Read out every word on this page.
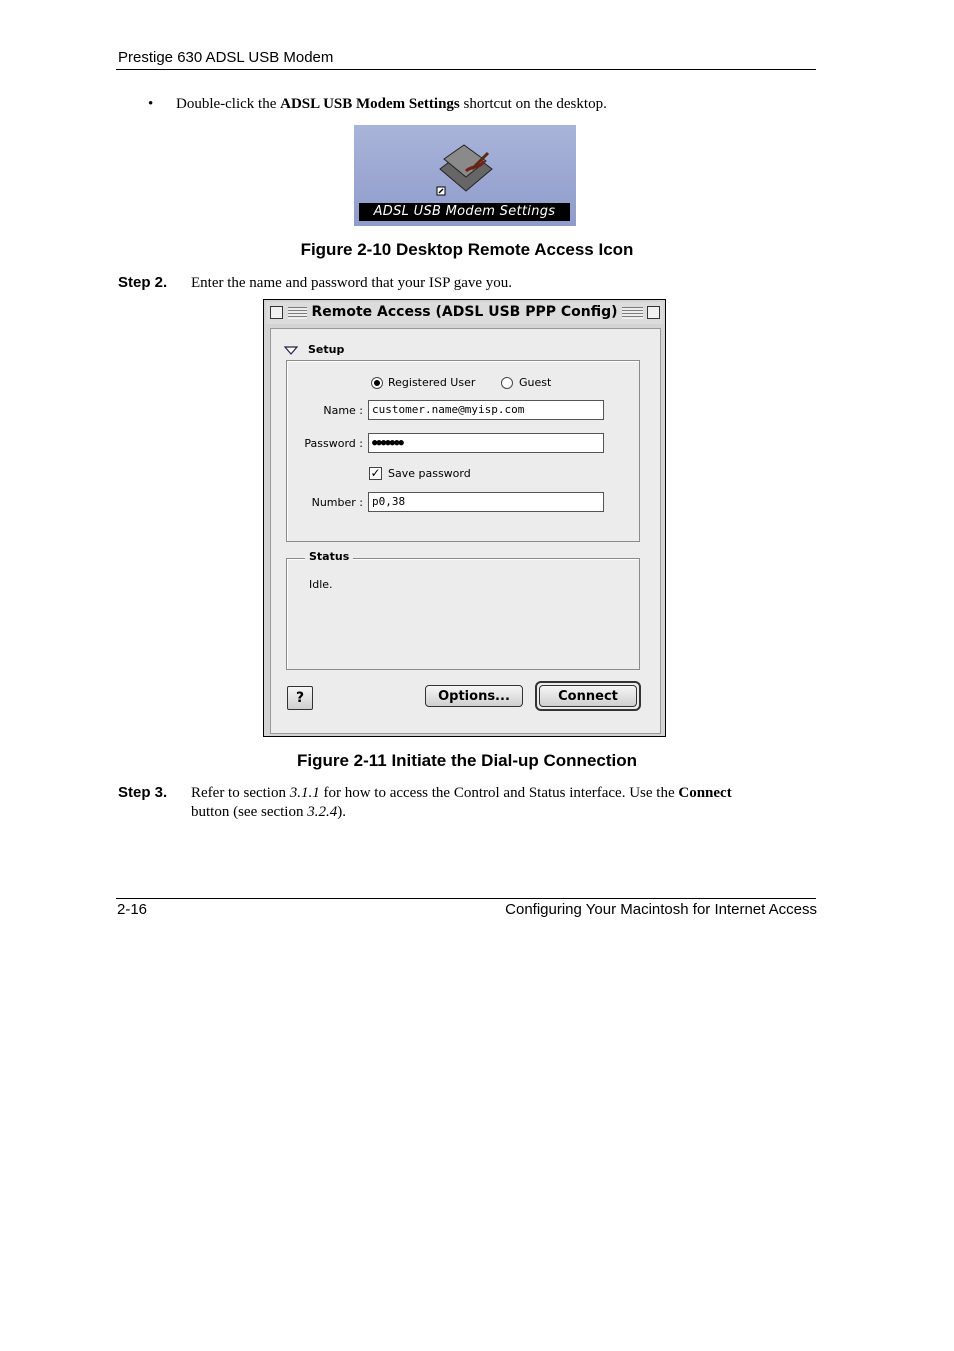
Prestige 630 ADSL USB Modem
• Double-click the ADSL USB Modem Settings shortcut on the desktop.
ADSL USB Modem Settings
Figure 2-10 Desktop Remote Access Icon
Step 2. Enter the name and password that your ISP gave you.
Remote Access (ADSL USB PPP Config)
Setup
Registered User	Guest
Name : customer.name@myisp.com
Password :	●●●●●●●
✓ Save password
Number : p0,38
Status
Idle.
?	Options...	Connect
Figure 2-11 Initiate the Dial-up Connection
Step 3. Refer to section 3.1.1 for how to access the Control and Status interface. Use the Connect
button (see section 3.2.4).
2-16	Configuring Your Macintosh for Internet Access
